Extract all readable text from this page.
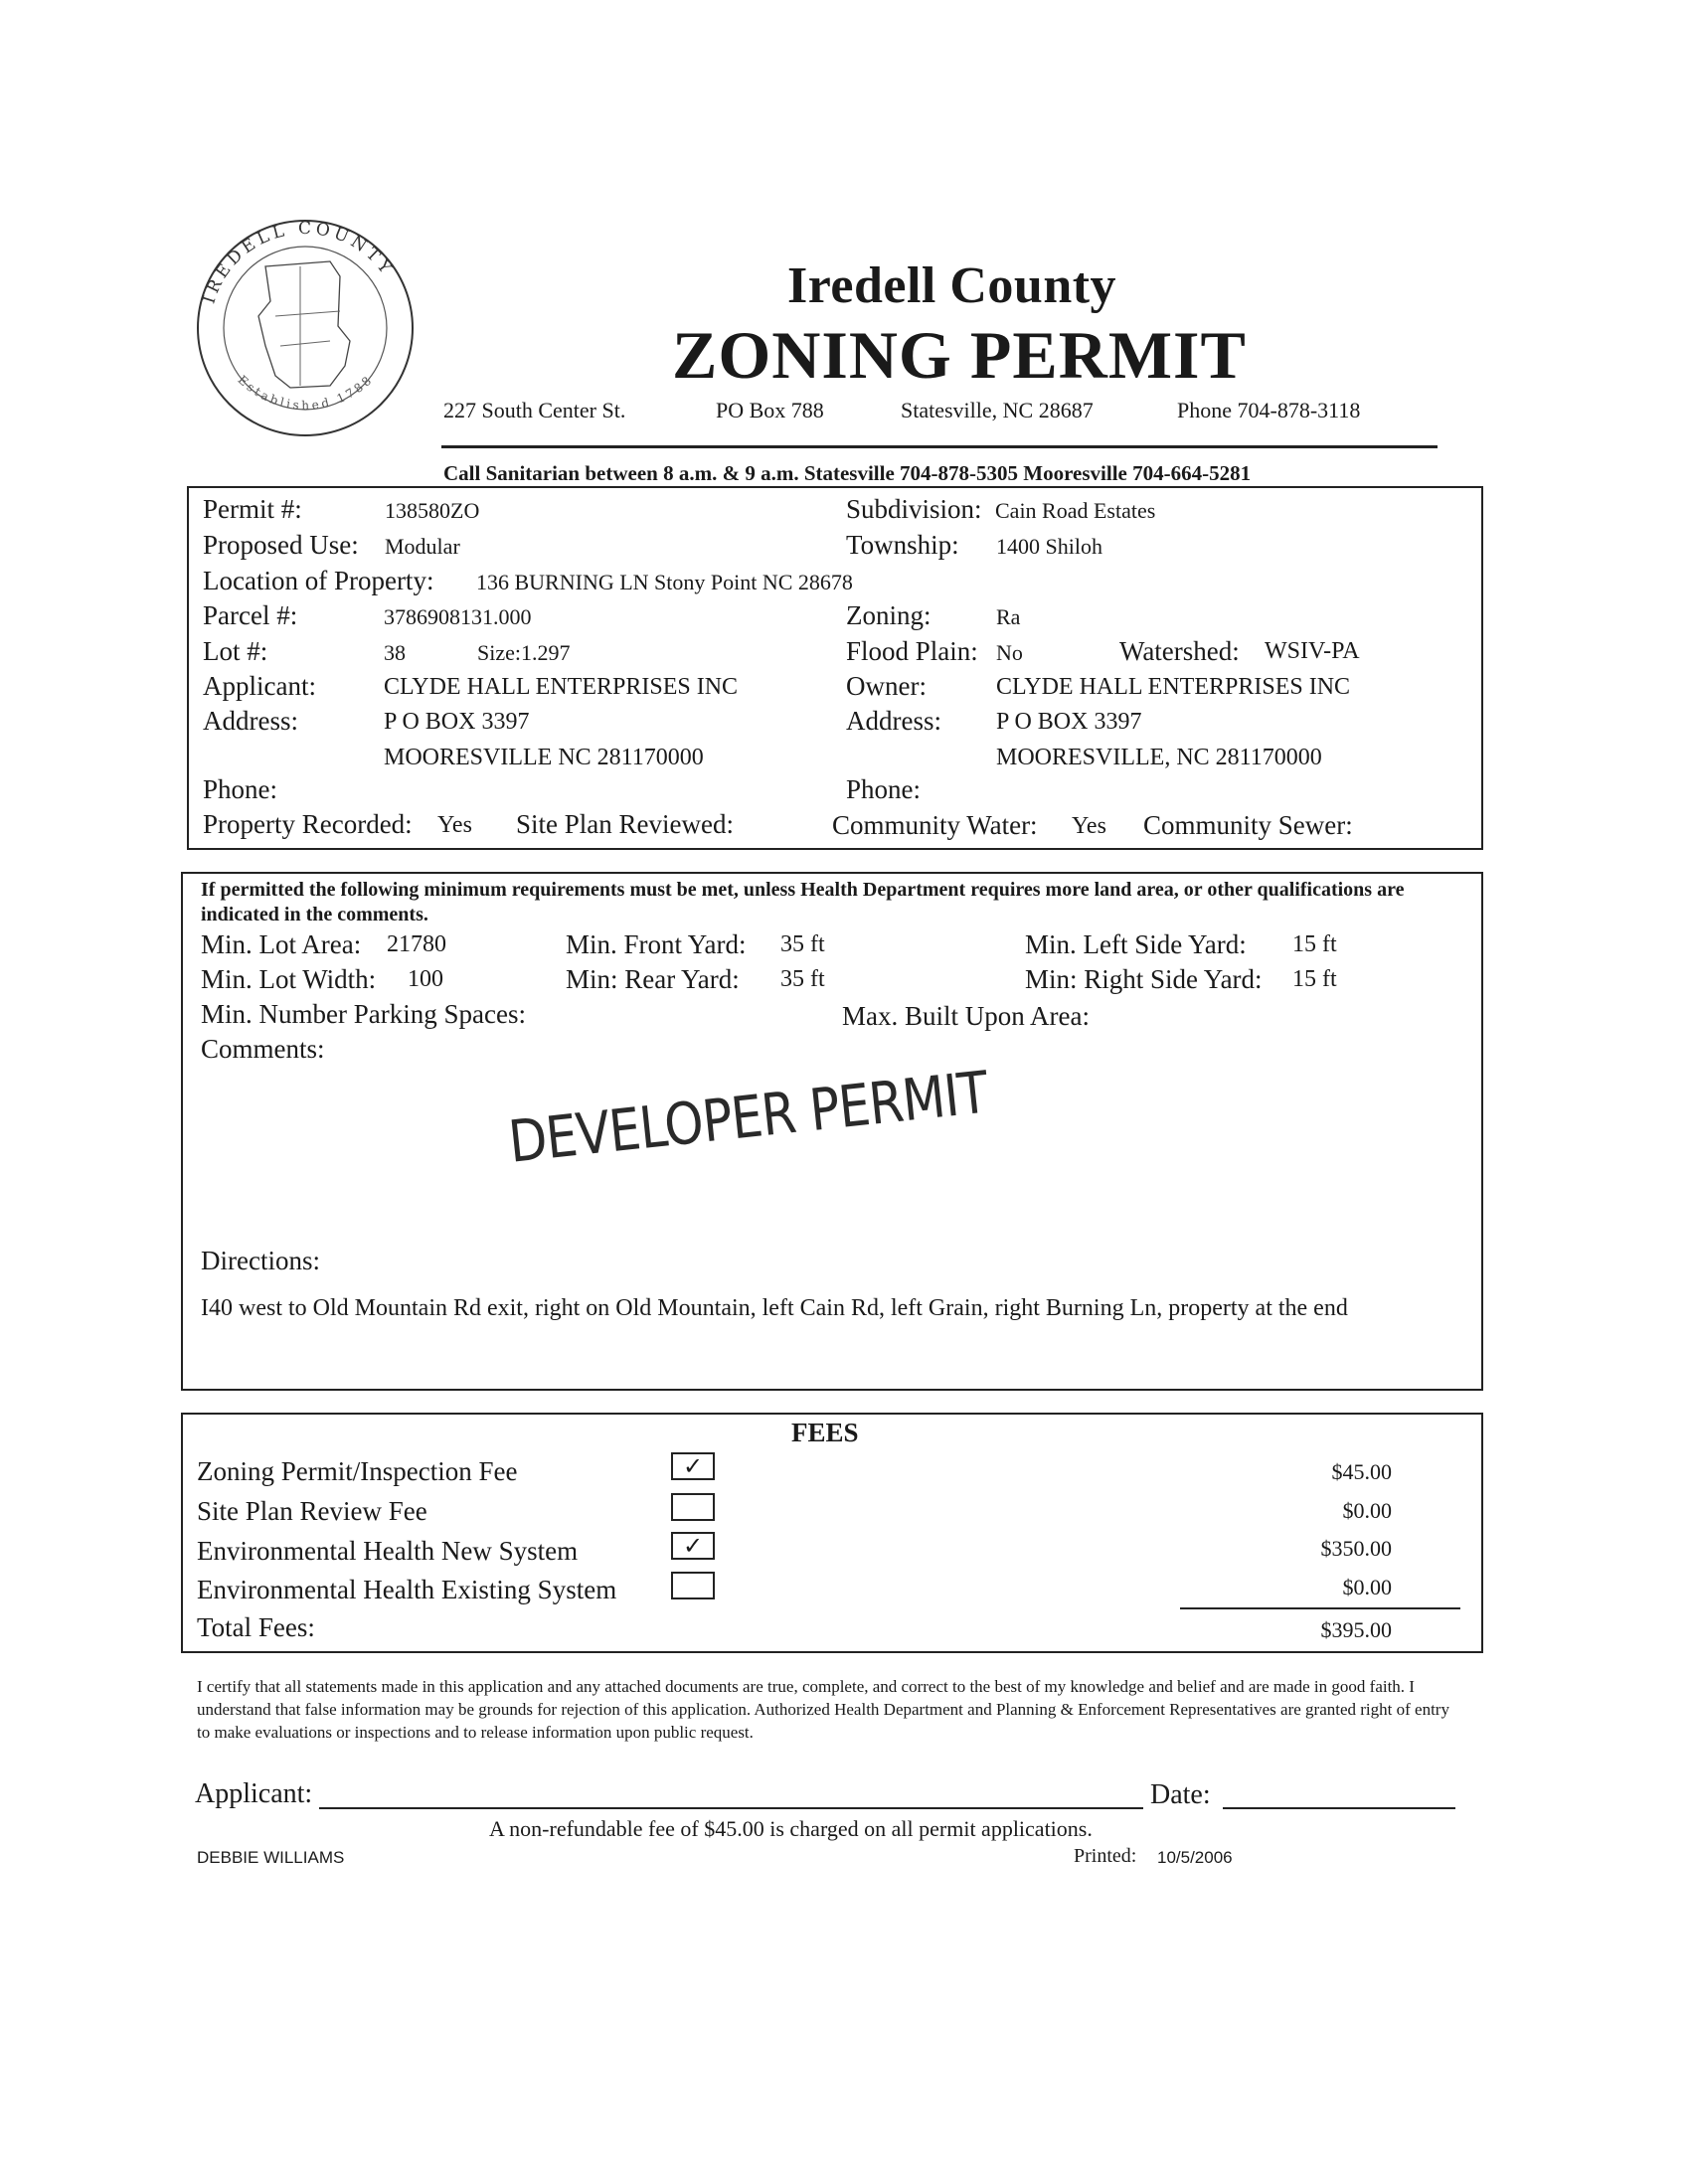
IREDELL COUNTY
Established 1788
Iredell County
ZONING PERMIT
227 South Center St.	PO Box 788	Statesville, NC 28687	Phone 704-878-3118
Call Sanitarian between 8 a.m. & 9 a.m. Statesville 704-878-5305 Mooresville 704-664-5281
Permit #:	138580ZO	Subdivision: Cain Road Estates
Proposed Use: Modular	Township: 1400 Shiloh
Location of Property: 136 BURNING LN Stony Point NC 28678
Parcel #:	3786908131.000	Zoning:	Ra
Lot #:	38	Size: 1.297	Flood Plain: No	Watershed: WSIV-PA
Applicant:	CLYDE HALL ENTERPRISES INC	Owner:	CLYDE HALL ENTERPRISES INC
Address:	P O BOX 3397	Address: P O BOX 3397
MOORESVILLE NC 281170000	MOORESVILLE, NC 281170000
Phone:	Phone:
Property Recorded: Yes Site Plan Reviewed:	Community Water: Yes Community Sewer:
If permitted the following minimum requirements must be met, unless Health Department requires more land area, or other qualifications are indicated in the comments.
Min. Lot Area: 21780	Min. Front Yard: 35 ft	Min. Left Side Yard: 15 ft
Min. Lot Width: 100	Min: Rear Yard: 35 ft	Min: Right Side Yard: 15 ft
Min. Number Parking Spaces:	Max. Built Upon Area:
Comments:
DEVELOPER PERMIT
Directions:
I40 west to Old Mountain Rd exit, right on Old Mountain, left Cain Rd, left Grain, right Burning Ln, property at the end
FEES
Zoning Permit/Inspection Fee	✓	$45.00
Site Plan Review Fee	$0.00
Environmental Health New System	✓	$350.00
Environmental Health Existing System	$0.00
Total Fees:	$395.00
I certify that all statements made in this application and any attached documents are true, complete, and correct to the best of my knowledge and belief and are made in good faith. I understand that false information may be grounds for rejection of this application. Authorized Health Department and Planning & Enforcement Representatives are granted right of entry to make evaluations or inspections and to release information upon public request.
Applicant:	Date:
A non-refundable fee of $45.00 is charged on all permit applications.
DEBBIE WILLIAMS	Printed: 10/5/2006
